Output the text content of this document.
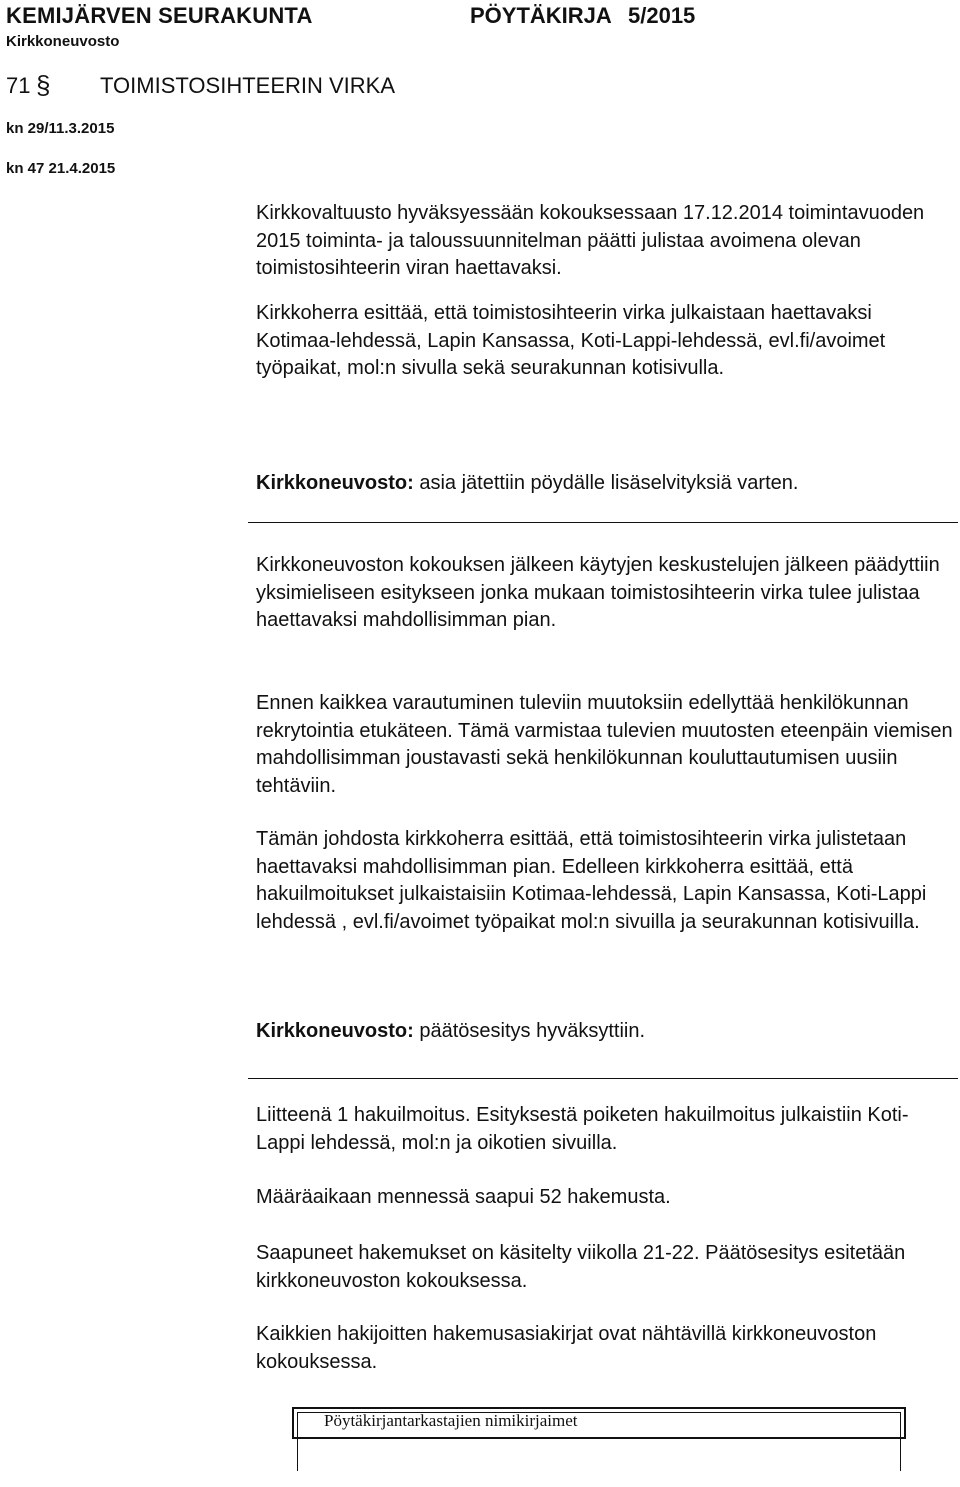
KEMIJÄRVEN SEURAKUNTA	PÖYTÄKIRJA 5/2015
Kirkkoneuvosto
71 § TOIMISTOSIHTEERIN VIRKA
kn 29/11.3.2015
kn 47 21.4.2015

Kirkkovaltuusto hyväksyessään kokouksessaan 17.12.2014 toimintavuoden 2015 toiminta- ja taloussuunnitelman päätti julistaa avoimena olevan toimistosihteerin viran haettavaksi.

Kirkkoherra esittää, että toimistosihteerin virka julkaistaan haettavaksi Kotimaa-lehdessä, Lapin Kansassa, Koti-Lappi-lehdessä, evl.fi/avoimet työpaikat, mol:n sivulla sekä seurakunnan kotisivulla.

Kirkkoneuvosto: asia jätettiin pöydälle lisäselvityksiä varten.

Kirkkoneuvoston kokouksen jälkeen käytyjen keskustelujen jälkeen päädyttiin yksimieliseen esitykseen jonka mukaan toimistosihteerin virka tulee julistaa haettavaksi mahdollisimman pian.

Ennen kaikkea varautuminen tuleviin muutoksiin edellyttää henkilökunnan rekrytointia etukäteen. Tämä varmistaa tulevien muutosten eteenpäin viemisen mahdollisimman joustavasti sekä henkilökunnan kouluttautumisen uusiin tehtäviin.

Tämän johdosta kirkkoherra esittää, että toimistosihteerin virka julistetaan haettavaksi mahdollisimman pian. Edelleen kirkkoherra esittää, että hakuilmoitukset julkaistaisiin Kotimaa-lehdessä, Lapin Kansassa, Koti-Lappi lehdessä , evl.fi/avoimet työpaikat mol:n sivuilla ja seurakunnan kotisivuilla.

Kirkkoneuvosto: päätösesitys hyväksyttiin.

Liitteenä 1 hakuilmoitus. Esityksestä poiketen hakuilmoitus julkaistiin Koti-Lappi lehdessä, mol:n ja oikotien sivuilla.

Määräaikaan mennessä saapui 52 hakemusta.

Saapuneet hakemukset on käsitelty viikolla 21-22. Päätösesitys esitetään kirkkoneuvoston kokouksessa.

Kaikkien hakijoitten hakemusasiakirjat ovat nähtävillä kirkkoneuvoston kokouksessa.

Pöytäkirjantarkastajien nimikirjaimet
